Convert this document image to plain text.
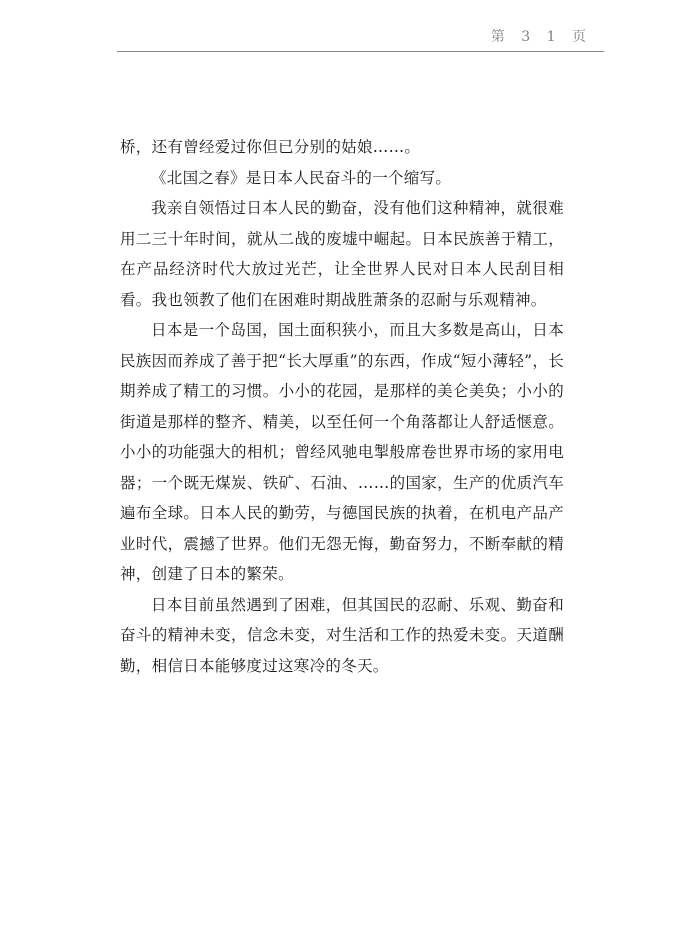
第 3 1 页

桥，还有曾经爱过你但已分别的姑娘……。

《北国之春》是日本人民奋斗的一个缩写。

我亲自领悟过日本人民的勤奋，没有他们这种精神，就很难用二三十年时间，就从二战的废墟中崛起。日本民族善于精工，在产品经济时代大放过光芒，让全世界人民对日本人民刮目相看。我也领教了他们在困难时期战胜萧条的忍耐与乐观精神。

日本是一个岛国，国土面积狭小，而且大多数是高山，日本民族因而养成了善于把“长大厚重”的东西，作成“短小薄轻”，长期养成了精工的习惯。小小的花园，是那样的美仑美奂；小小的街道是那样的整齐、精美，以至任何一个角落都让人舒适惬意。小小的功能强大的相机；曾经风驰电掣般席卷世界市场的家用电器；一个既无煤炭、铁矿、石油、……的国家，生产的优质汽车遍布全球。日本人民的勤劳，与德国民族的执着，在机电产品产业时代，震撼了世界。他们无怨无悔，勤奋努力，不断奉献的精神，创建了日本的繁荣。

日本目前虽然遇到了困难，但其国民的忍耐、乐观、勤奋和奋斗的精神未变，信念未变，对生活和工作的热爱未变。天道酬勤，相信日本能够度过这寒冷的冬天。
